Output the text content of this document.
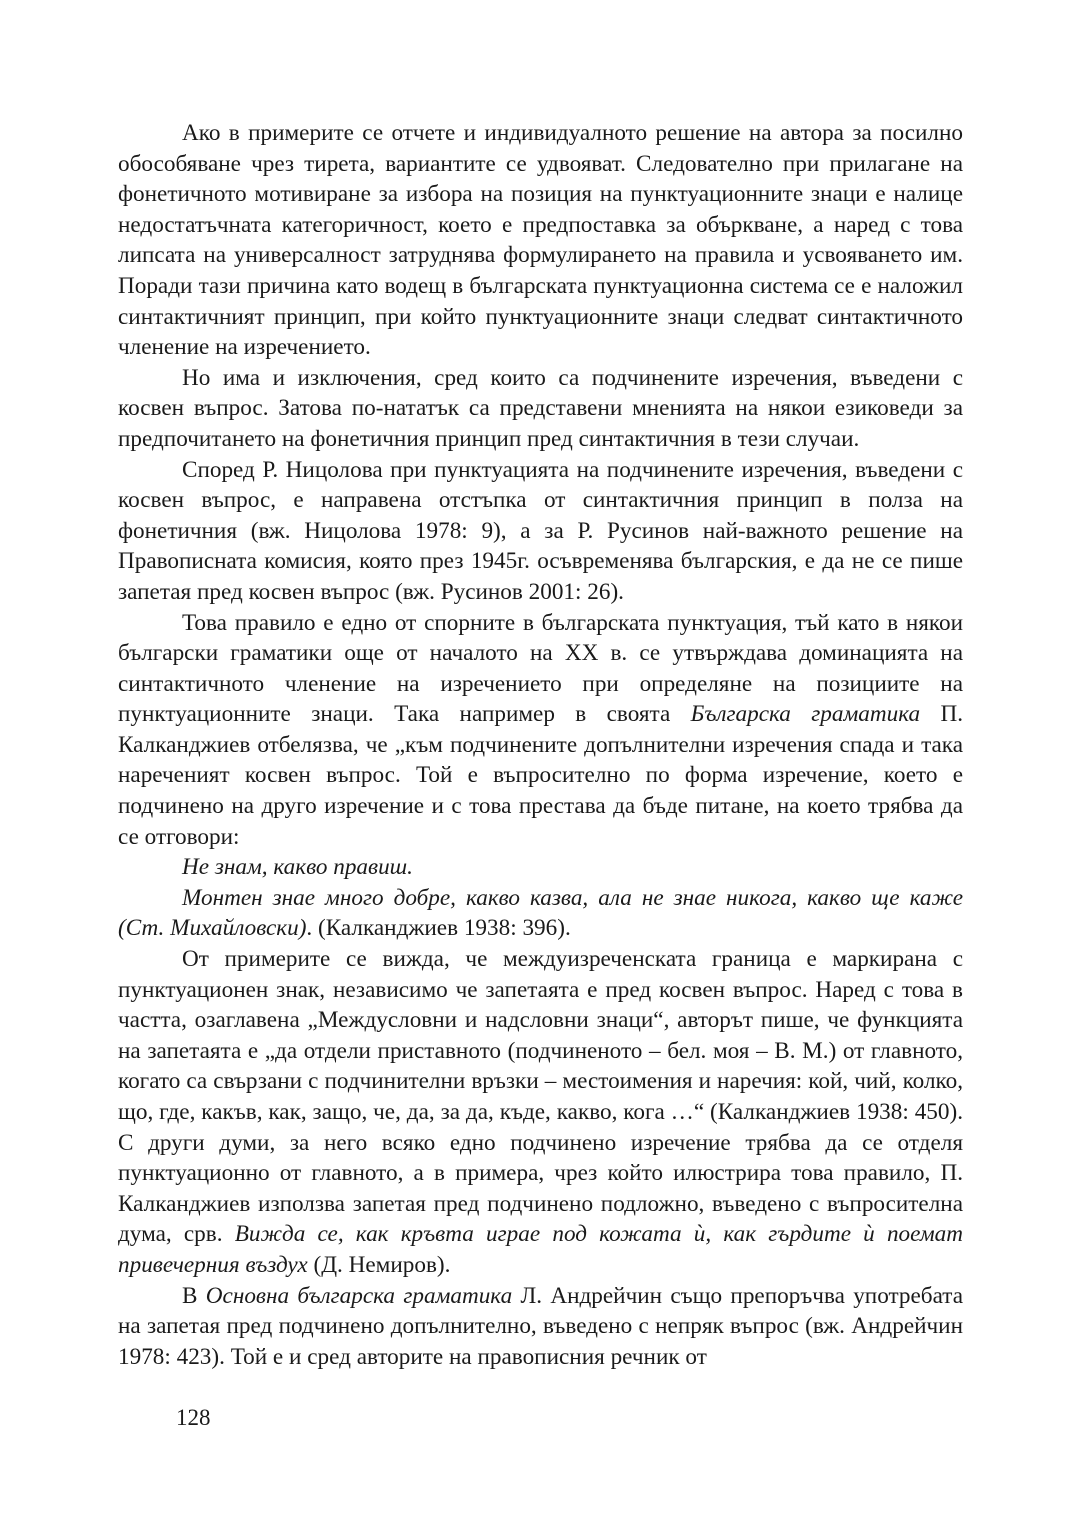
Ако в примерите се отчете и индивидуалното решение на автора за посилно обособяване чрез тирета, вариантите се удвояват. Следователно при прилагане на фонетичното мотивиране за избора на позиция на пунктуационните знаци е налице недостатъчната категоричност, което е предпоставка за объркване, а наред с това липсата на универсалност затруднява формулирането на правила и усвояването им. Поради тази причина като водещ в българската пунктуационна система се е наложил синтактичният принцип, при който пунктуационните знаци следват синтактичното членение на изречението.

Но има и изключения, сред които са подчинените изречения, въведени с косвен въпрос. Затова по-нататък са представени мненията на някои езиковеди за предпочитането на фонетичния принцип пред синтактичния в тези случаи.

Според Р. Ницолова при пунктуацията на подчинените изречения, въведени с косвен въпрос, е направена отстъпка от синтактичния принцип в полза на фонетичния (вж. Ницолова 1978: 9), а за Р. Русинов най-важното решение на Правописната комисия, която през 1945г. осъвременява българския, е да не се пише запетая пред косвен въпрос (вж. Русинов 2001: 26).

Това правило е едно от спорните в българската пунктуация, тъй като в някои български граматики още от началото на XX в. се утвърждава доминацията на синтактичното членение на изречението при определяне на позициите на пунктуационните знаци. Така например в своята Българска граматика П. Калканджиев отбелязва, че „към подчинените допълнителни изречения спада и така нареченият косвен въпрос. Той е въпросително по форма изречение, което е подчинено на друго изречение и с това престава да бъде питане, на което трябва да се отговори:

Не знам, какво правиш.

Монтен знае много добре, какво казва, ала не знае никога, какво ще каже (Ст. Михайловски). (Калканджиев 1938: 396).

От примерите се вижда, че междуизреченската граница е маркирана с пунктуационен знак, независимо че запетаята е пред косвен въпрос. Наред с това в частта, озаглавена „Междусловни и надсловни знаци“, авторът пише, че функцията на запетаята е „да отдели приставното (подчиненото – бел. моя – В. М.) от главното, когато са свързани с подчинителни връзки – местоимения и наречия: кой, чий, колко, що, где, какъв, как, защо, че, да, за да, къде, какво, кога …“ (Калканджиев 1938: 450). С други думи, за него всяко едно подчинено изречение трябва да се отделя пунктуационно от главното, а в примера, чрез който илюстрира това правило, П. Калканджиев използва запетая пред подчинено подложно, въведено с въпросителна дума, срв. Вижда се, как кръвта играе под кожата ѝ, как гърдите ѝ поемат привечерния въздух (Д. Немиров).

В Основна българска граматика Л. Андрейчин също препоръчва употребата на запетая пред подчинено допълнително, въведено с непряк въпрос (вж. Андрейчин 1978: 423). Той е и сред авторите на правописния речник от

128
